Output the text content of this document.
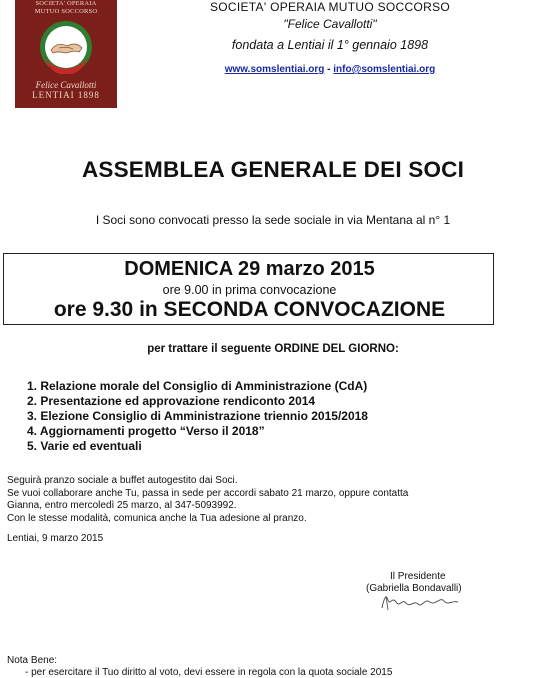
SOCIETA' OPERAIA
MUTUO SOCCORSO
Felice Cavallotti
LENTIAI 1898
SOCIETA' OPERAIA MUTUO SOCCORSO
"Felice Cavallotti"
fondata a Lentiai il 1° gennaio 1898
www.somslentiai.org - info@somslentiai.org
ASSEMBLEA GENERALE DEI SOCI
I Soci sono convocati presso la sede sociale in via Mentana al n° 1
DOMENICA 29 marzo 2015
ore 9.00 in prima convocazione
ore 9.30 in SECONDA CONVOCAZIONE
per trattare il seguente ORDINE DEL GIORNO:
1. Relazione morale del Consiglio di Amministrazione (CdA)
2. Presentazione ed approvazione rendiconto 2014
3. Elezione Consiglio di Amministrazione triennio 2015/2018
4. Aggiornamenti progetto “Verso il 2018”
5. Varie ed eventuali
Seguirà pranzo sociale a buffet autogestito dai Soci.
Se vuoi collaborare anche Tu, passa in sede per accordi sabato 21 marzo, oppure contatta
Gianna, entro mercoledì 25 marzo, al 347-5093992.
Con le stesse modalità, comunica anche la Tua adesione al pranzo.
Lentiai, 9 marzo 2015
Il Presidente
(Gabriella Bondavalli)
Nota Bene:
- per esercitare il Tuo diritto al voto, devi essere in regola con la quota sociale 2015
